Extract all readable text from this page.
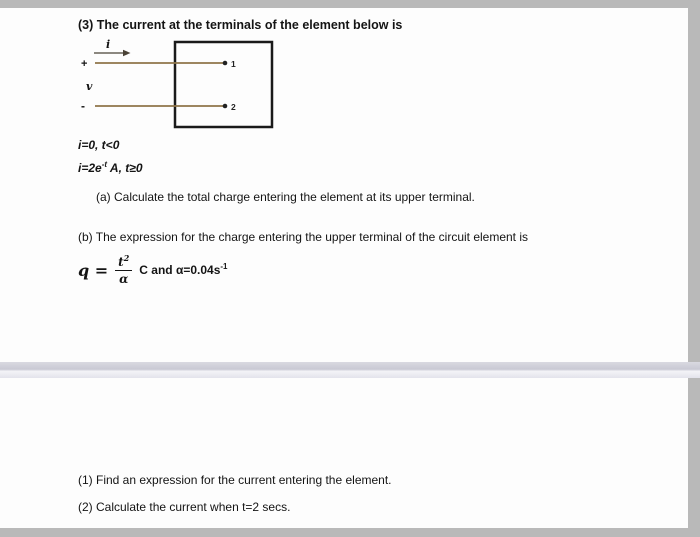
(3) The current at the terminals of the element below is
i
+
v
-
1
2
i=0, t<0
$i=2e^{-t}$ A, t≥0
(a) Calculate the total charge entering the element at its upper terminal.
(b) The expression for the charge entering the upper terminal of the circuit element is
$q = \frac{t^2}{\alpha}$ C and $\alpha=0.04s^{-1}$
(1) Find an expression for the current entering the element.
(2) Calculate the current when t=2 secs.
